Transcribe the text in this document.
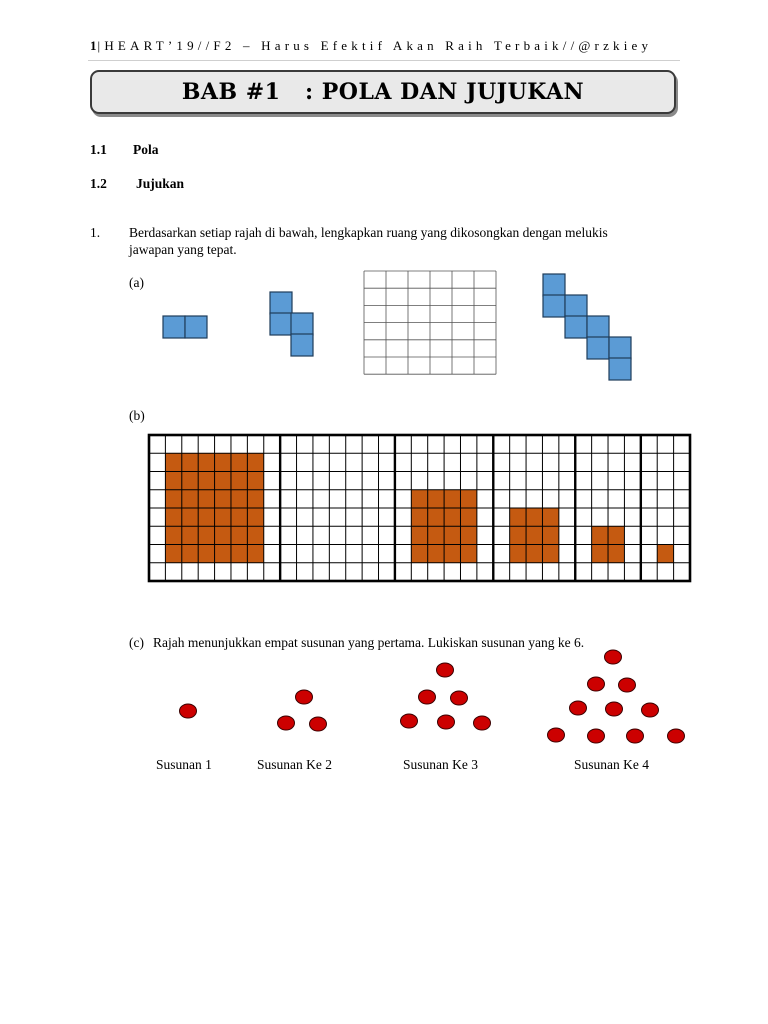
1|HEART’19//F2 – Harus Efektif Akan Raih Terbaik//@rzkiey
BAB #1   : POLA DAN JUJUKAN
1.1 Pola
1.2 Jujukan
1. Berdasarkan setiap rajah di bawah, lengkapkan ruang yang dikosongkan dengan melukis
jawapan yang tepat.
(a)
(b)
(c) Rajah menunjukkan empat susunan yang pertama. Lukiskan susunan yang ke 6.
Susunan 1	Susunan Ke 2	Susunan Ke 3	Susunan Ke 4
